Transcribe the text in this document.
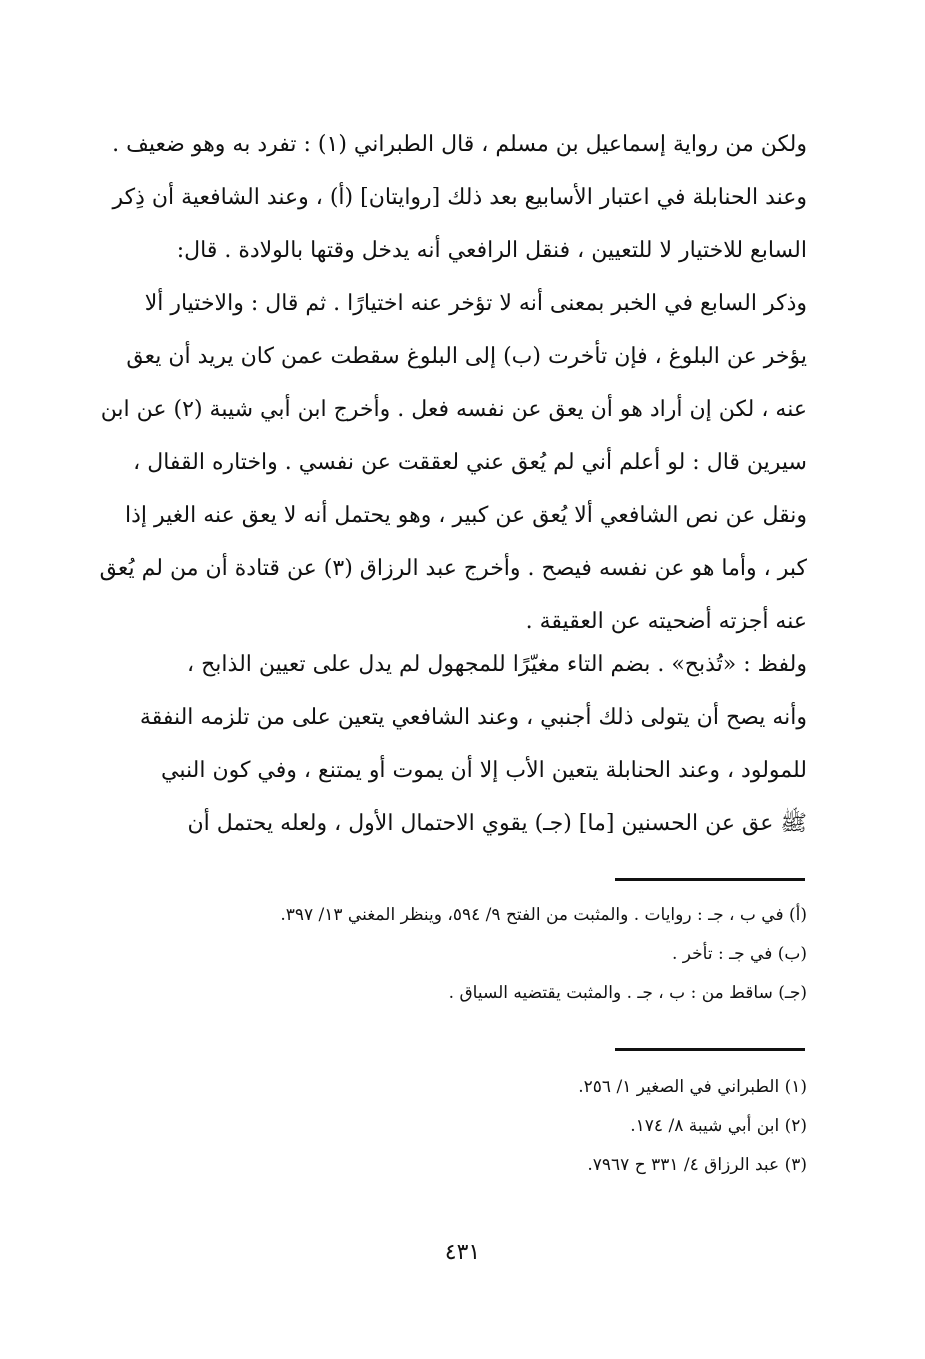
ولكن من رواية إسماعيل بن مسلم ، قال الطبراني (١) : تفرد به وهو ضعيف .
وعند الحنابلة في اعتبار الأسابيع بعد ذلك [روايتان] (أ) ، وعند الشافعية أن ذِكر
السابع للاختيار لا للتعيين ، فنقل الرافعي أنه يدخل وقتها بالولادة . قال:
وذكر السابع في الخبر بمعنى أنه لا تؤخر عنه اختيارًا . ثم قال : والاختيار ألا
يؤخر عن البلوغ ، فإن تأخرت (ب) إلى البلوغ سقطت عمن كان يريد أن يعق
عنه ، لكن إن أراد هو أن يعق عن نفسه فعل . وأخرج ابن أبي شيبة (٢) عن ابن
سيرين قال : لو أعلم أني لم يُعق عني لعققت عن نفسي . واختاره القفال ،
ونقل عن نص الشافعي ألا يُعق عن كبير ، وهو يحتمل أنه لا يعق عنه الغير إذا
كبر ، وأما هو عن نفسه فيصح . وأخرج عبد الرزاق (٣) عن قتادة أن من لم يُعق
عنه أجزته أضحيته عن العقيقة .
ولفظ : «تُذبح» . بضم التاء مغيّرًا للمجهول لم يدل على تعيين الذابح ،
وأنه يصح أن يتولى ذلك أجنبي ، وعند الشافعي يتعين على من تلزمه النفقة
للمولود ، وعند الحنابلة يتعين الأب إلا أن يموت أو يمتنع ، وفي كون النبي
ﷺ عق عن الحسنين [ما] (جـ) يقوي الاحتمال الأول ، ولعله يحتمل أن
(أ) في ب ، جـ : روايات . والمثبت من الفتح ٩/ ٥٩٤، وينظر المغني ١٣/ ٣٩٧.
(ب) في جـ : تأخر .
(جـ) ساقط من : ب ، جـ . والمثبت يقتضيه السياق .
(١) الطبراني في الصغير ١/ ٢٥٦.
(٢) ابن أبي شيبة ٨/ ١٧٤.
(٣) عبد الرزاق ٤/ ٣٣١ ح ٧٩٦٧.
٤٣١
